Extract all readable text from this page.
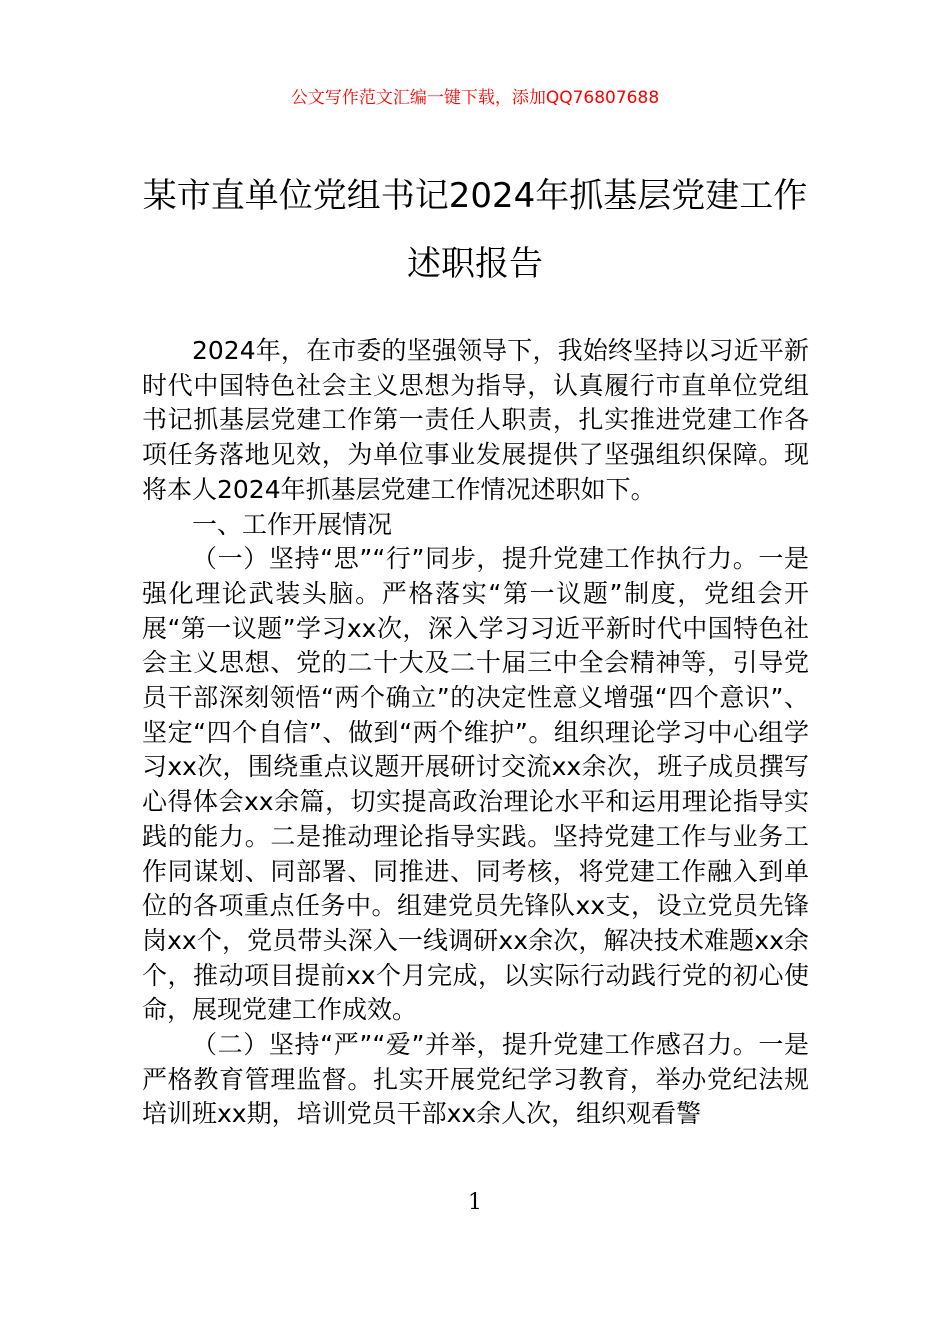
公文写作范文汇编一键下载，添加QQ76807688
某市直单位党组书记2024年抓基层党建工作述职报告

2024年，在市委的坚强领导下，我始终坚持以习近平新时代中国特色社会主义思想为指导，认真履行市直单位党组书记抓基层党建工作第一责任人职责，扎实推进党建工作各项任务落地见效，为单位事业发展提供了坚强组织保障。现将本人2024年抓基层党建工作情况述职如下。

一、工作开展情况

（一）坚持“思”“行”同步，提升党建工作执行力。一是强化理论武装头脑。严格落实“第一议题”制度，党组会开展“第一议题”学习xx次，深入学习习近平新时代中国特色社会主义思想、党的二十大及二十届三中全会精神等，引导党员干部深刻领悟“两个确立”的决定性意义增强“四个意识”、坚定“四个自信”、做到“两个维护”。组织理论学习中心组学习xx次，围绕重点议题开展研讨交流xx余次，班子成员撰写心得体会xx余篇，切实提高政治理论水平和运用理论指导实践的能力。二是推动理论指导实践。坚持党建工作与业务工作同谋划、同部署、同推进、同考核，将党建工作融入到单位的各项重点任务中。组建党员先锋队xx支，设立党员先锋岗xx个，党员带头深入一线调研xx余次，解决技术难题xx余个，推动项目提前xx个月完成，以实际行动践行党的初心使命，展现党建工作成效。

（二）坚持“严”“爱”并举，提升党建工作感召力。一是严格教育管理监督。扎实开展党纪学习教育，举办党纪法规培训班xx期，培训党员干部xx余人次，组织观看警

1
